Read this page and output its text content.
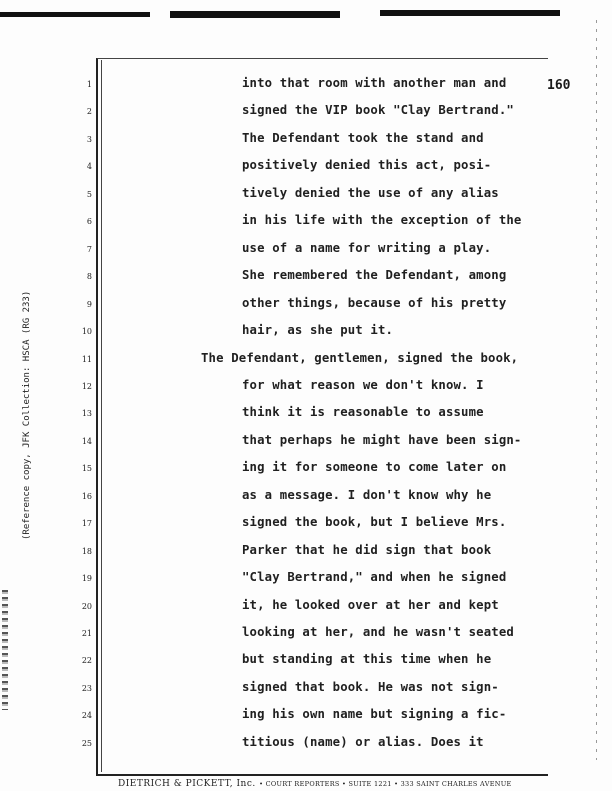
160
(Reference copy, JFK Collection: HSCA (RG 233)
1	into that room with another man and
2	signed the VIP book "Clay Bertrand."
3	The Defendant took the stand and
4	positively denied this act, posi-
5	tively denied the use of any alias
6	in his life with the exception of the
7	use of a name for writing a play.
8	She remembered the Defendant, among
9	other things, because of his pretty
10	hair, as she put it.
11	The Defendant, gentlemen, signed the book,
12	for what reason we don't know. I
13	think it is reasonable to assume
14	that perhaps he might have been sign-
15	ing it for someone to come later on
16	as a message. I don't know why he
17	signed the book, but I believe Mrs.
18	Parker that he did sign that book
19	"Clay Bertrand," and when he signed
20	it, he looked over at her and kept
21	looking at her, and he wasn't seated
22	but standing at this time when he
23	signed that book. He was not sign-
24	ing his own name but signing a fic-
25	titious (name) or alias. Does it
DIETRICH & PICKETT, Inc. • COURT REPORTERS • SUITE 1221 • 333 SAINT CHARLES AVENUE
